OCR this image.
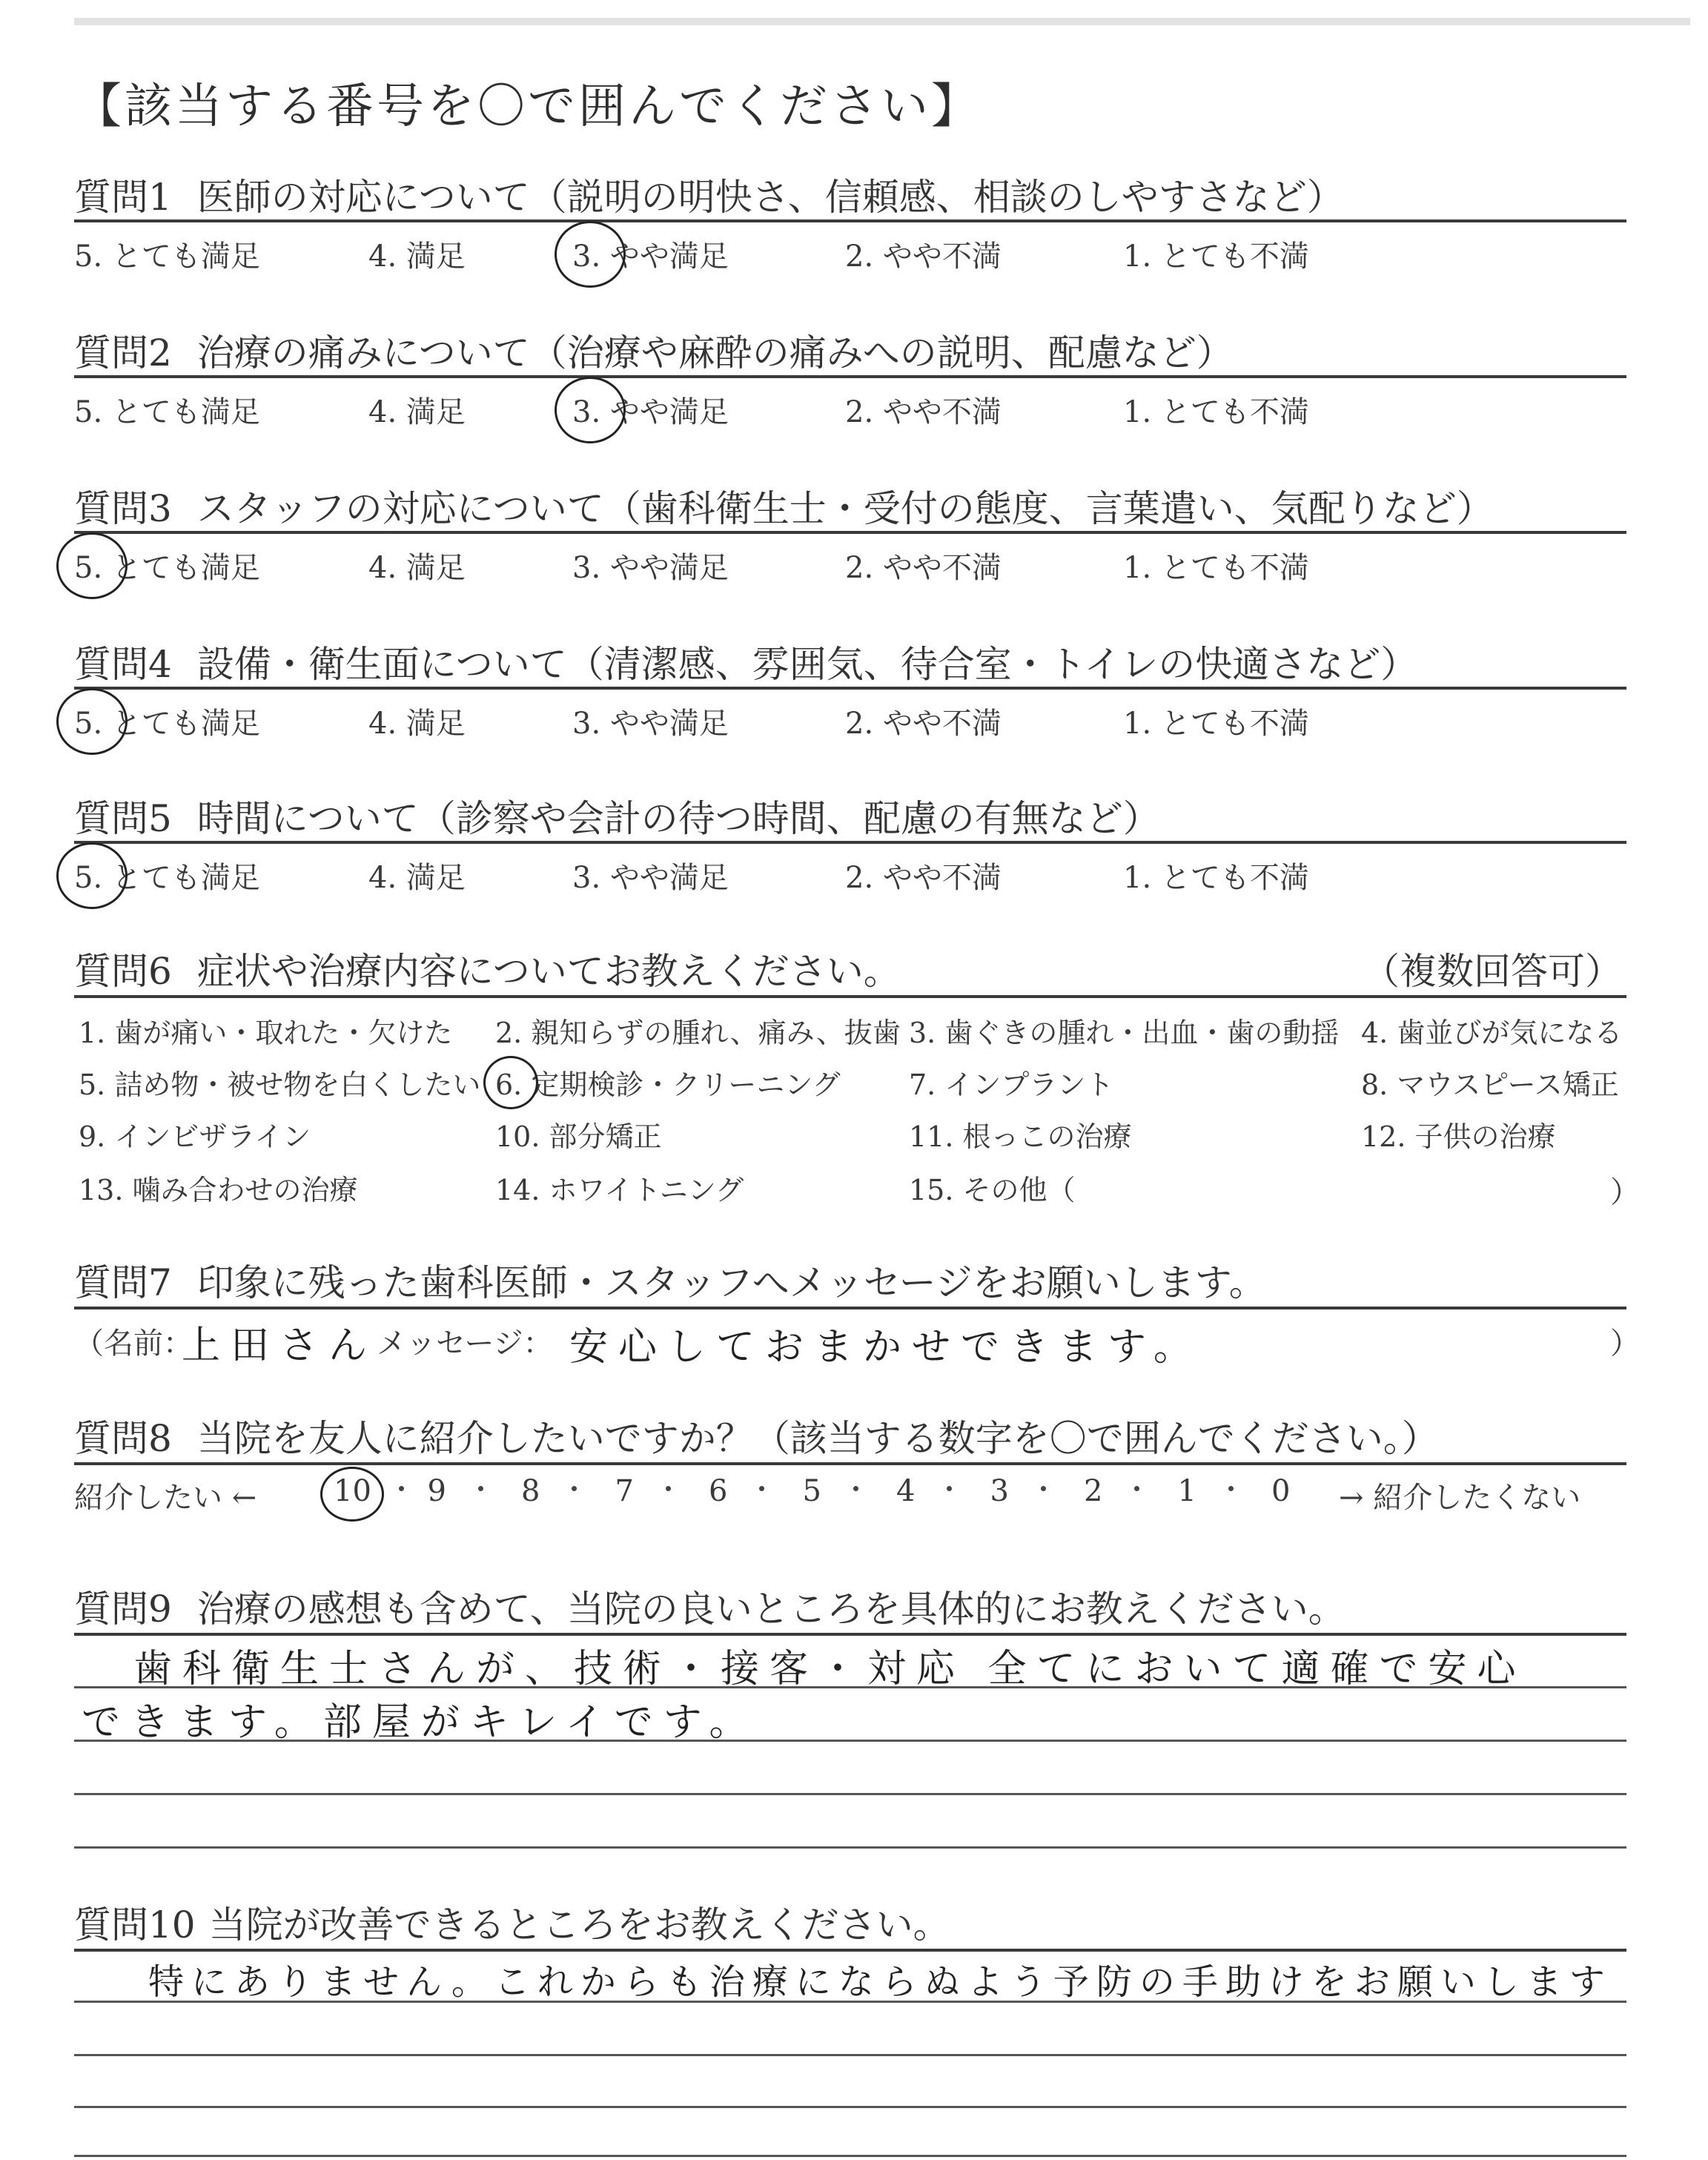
【該当する番号を〇で囲んでください】
質問1 医師の対応について（説明の明快さ、信頼感、相談のしやすさなど）
5. とても満足	4. 満足	3. やや満足	2. やや不満	1. とても不満
質問2 治療の痛みについて（治療や麻酔の痛みへの説明、配慮など）
5. とても満足	4. 満足	3. やや満足	2. やや不満	1. とても不満
質問3 スタッフの対応について（歯科衛生士・受付の態度、言葉遣い、気配りなど）
5. とても満足	4. 満足	3. やや満足	2. やや不満	1. とても不満
質問4 設備・衛生面について（清潔感、雰囲気、待合室・トイレの快適さなど）
5. とても満足	4. 満足	3. やや満足	2. やや不満	1. とても不満
質問5 時間について（診察や会計の待つ時間、配慮の有無など）
5. とても満足	4. 満足	3. やや満足	2. やや不満	1. とても不満
質問6 症状や治療内容についてお教えください。	（複数回答可）
1. 歯が痛い・取れた・欠けた 2. 親知らずの腫れ、痛み、抜歯 3. 歯ぐきの腫れ・出血・歯の動揺 4. 歯並びが気になる
5. 詰め物・被せ物を白くしたい 6. 定期検診・クリーニング 7. インプラント	8. マウスピース矯正
9. インビザライン	10. 部分矯正	11. 根っこの治療	12. 子供の治療
13. 噛み合わせの治療	14. ホワイトニング	15. その他（	）
質問7 印象に残った歯科医師・スタッフへメッセージをお願いします。
（名前：
上田さん
メッセージ： 安心しておまかせできます。	）
質問8 当院を友人に紹介したいですか？（該当する数字を〇で囲んでください。）
紹介したい ←	10 9	8	7	6	5	4	3	2	1	0 → 紹介したくない
質問9 治療の感想も含めて、当院の良いところを具体的にお教えください。
歯科衛生士さんが、技術・接客・対応 全てにおいて適確で安心
できます。部屋がキレイです。
質問10 当院が改善できるところをお教えください。
特にありません。これからも治療にならぬよう予防の手助けをお願いします
